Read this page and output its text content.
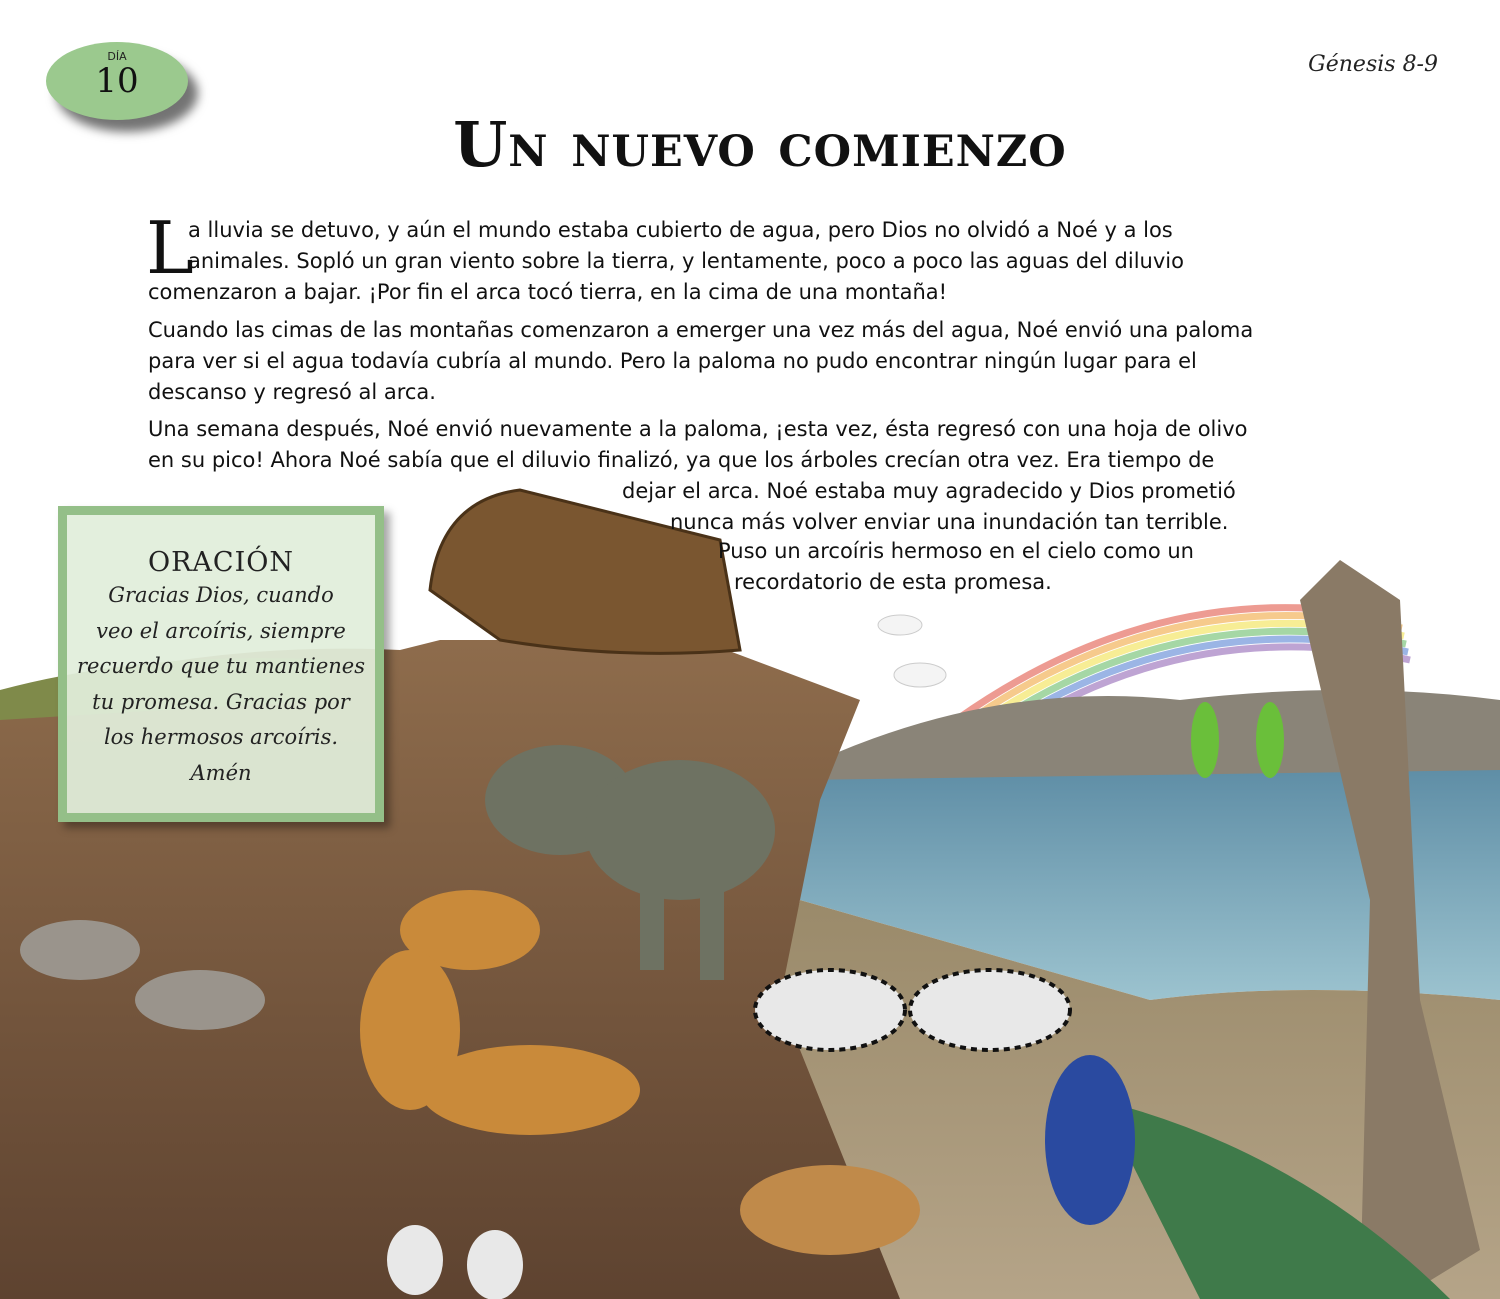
DÍA
10	Génesis 8-9
Un nuevo comienzo
L
a lluvia se detuvo, y aún el mundo estaba cubierto de agua, pero Dios no olvidó a Noé y a los
animales. Sopló un gran viento sobre la tierra, y lentamente, poco a poco las aguas del diluvio
comenzaron a bajar. ¡Por fin el arca tocó tierra, en la cima de una montaña!
Cuando las cimas de las montañas comenzaron a emerger una vez más del agua, Noé envió una paloma
para ver si el agua todavía cubría al mundo. Pero la paloma no pudo encontrar ningún lugar para el
descanso y regresó al arca.
Una semana después, Noé envió nuevamente a la paloma, ¡esta vez, ésta regresó con una hoja de olivo
en su pico! Ahora Noé sabía que el diluvio finalizó, ya que los árboles crecían otra vez. Era tiempo de
dejar el arca. Noé estaba muy agradecido y Dios prometió
nunca más volver enviar una inundación tan terrible.
Puso un arcoíris hermoso en el cielo como un
recordatorio de esta promesa.
ORACIÓN
Gracias Dios, cuando
veo el arcoíris, siempre
recuerdo que tu mantienes
tu promesa. Gracias por
los hermosos arcoíris.
Amén
